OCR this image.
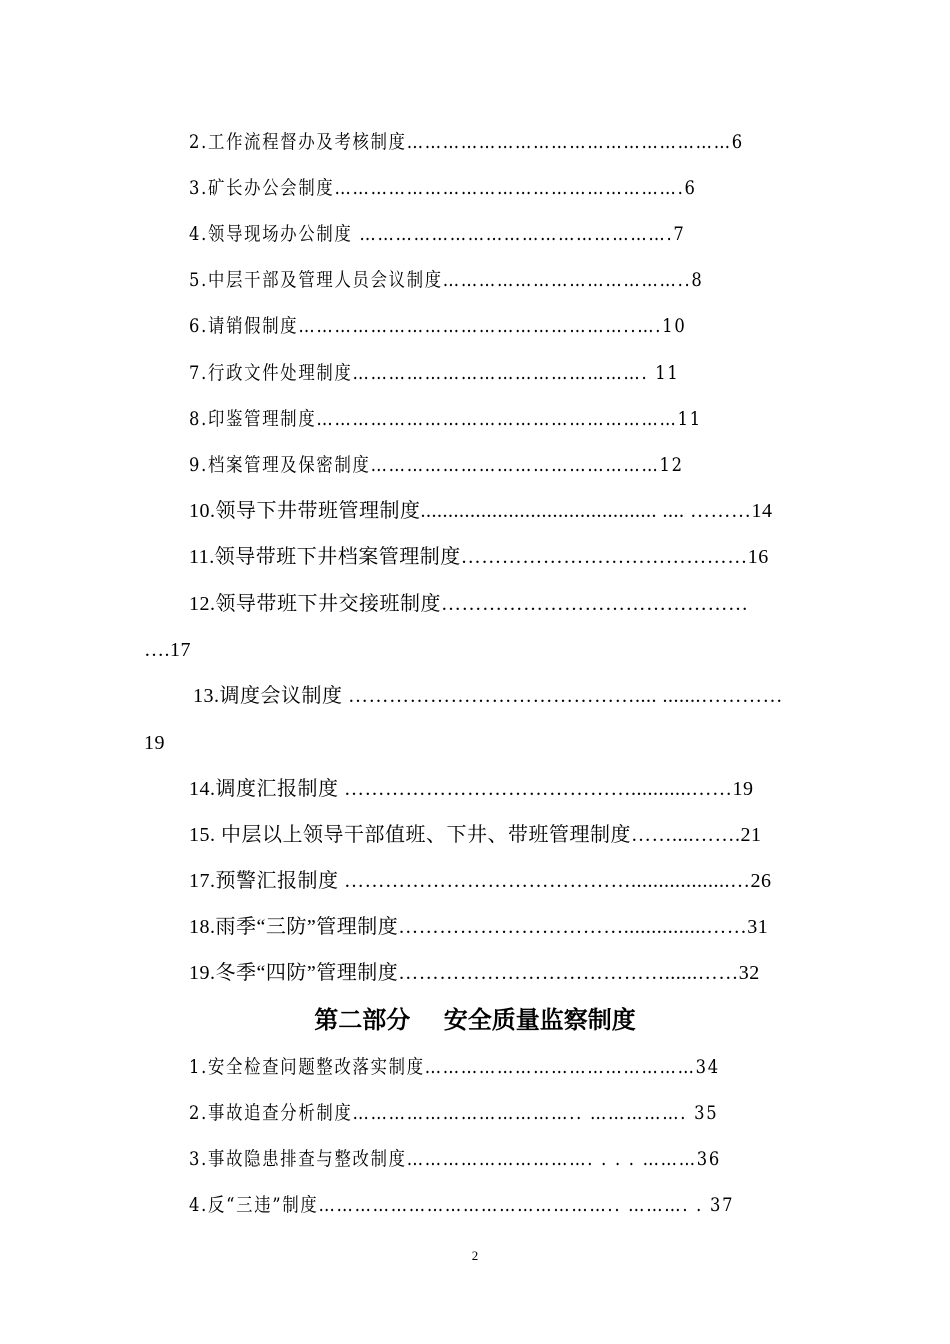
2.工作流程督办及考核制度………………………………………………6
3.矿长办公会制度………………………………………………….6
4.领导现场办公制度 …………………………………………….7
5.中层干部及管理人员会议制度…………………………………..8
6.请销假制度………………………………………………..….10
7.行政文件处理制度…………………………………………. 11
8.印鉴管理制度……………………………………………………11
9.档案管理及保密制度…………………………………………12
10.领导下井带班管理制度........................................... .... ………14
11.领导带班下井档案管理制度……………………………………16
12.领导带班下井交接班制度………………………………………
….17
13.调度会议制度 …………………………………….... .......…………
19
14.调度汇报制度 ……………………………………...........……19
15. 中层以上领导干部值班、下井、带班管理制度……....…….21
17.预警汇报制度 ……………………………………..................…26
18.雨季“三防”管理制度……………………………...............……31
19.冬季“四防”管理制度…………………………………......……32
第二部分    安全质量监察制度
1.安全检查问题整改落实制度………………………………………34
2.事故追查分析制度……………………………….. ……………. 35
3.事故隐患排查与整改制度…………………………. . . . ………36
4.反“三违”制度………………………………………….. ………. . 37
2
